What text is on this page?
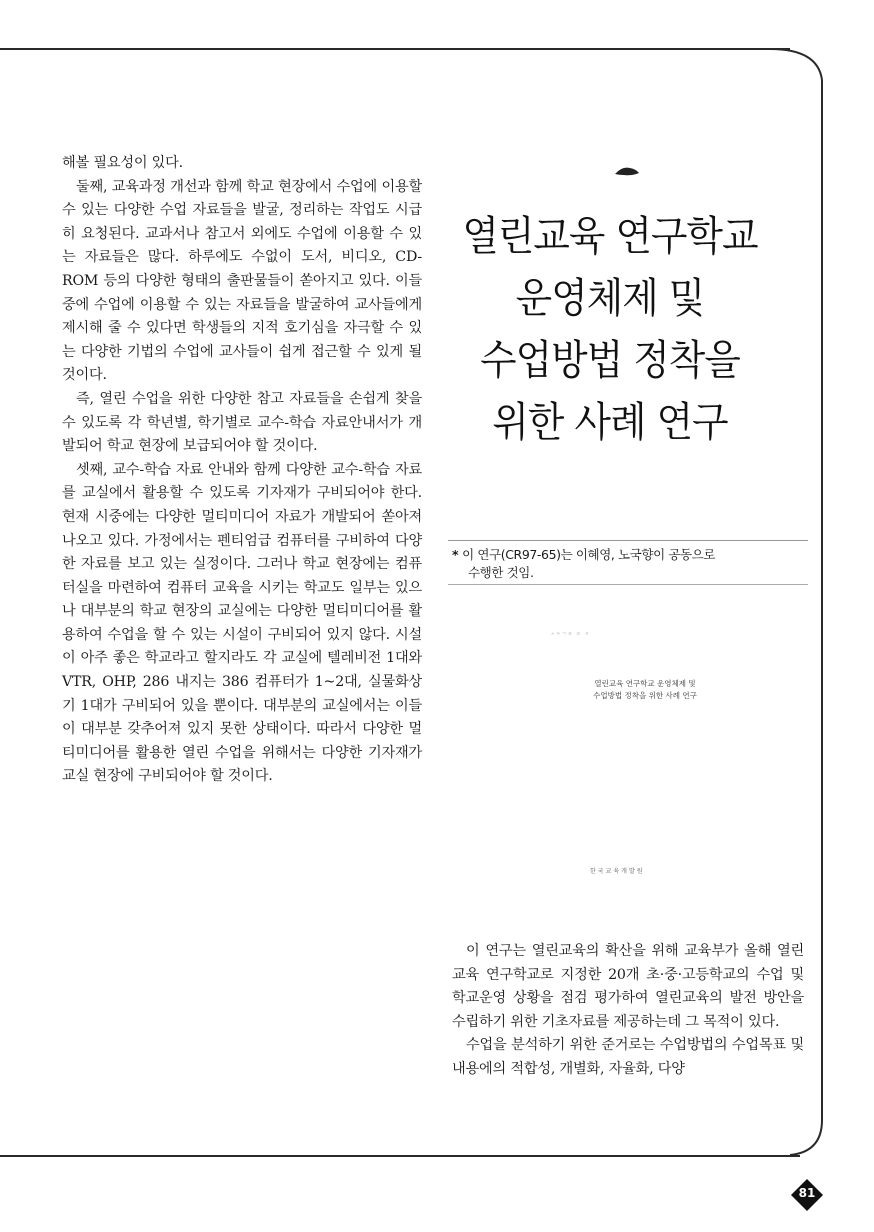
해볼 필요성이 있다.

둘째, 교육과정 개선과 함께 학교 현장에서 수업에 이용할 수 있는 다양한 수업 자료들을 발굴, 정리하는 작업도 시급히 요청된다. 교과서나 참고서 외에도 수업에 이용할 수 있는 자료들은 많다. 하루에도 수없이 도서, 비디오, CD-ROM 등의 다양한 형태의 출판물들이 쏟아지고 있다. 이들 중에 수업에 이용할 수 있는 자료들을 발굴하여 교사들에게 제시해 줄 수 있다면 학생들의 지적 호기심을 자극할 수 있는 다양한 기법의 수업에 교사들이 쉽게 접근할 수 있게 될 것이다.

즉, 열린 수업을 위한 다양한 참고 자료들을 손쉽게 찾을 수 있도록 각 학년별, 학기별로 교수-학습 자료안내서가 개발되어 학교 현장에 보급되어야 할 것이다.

셋째, 교수-학습 자료 안내와 함께 다양한 교수-학습 자료를 교실에서 활용할 수 있도록 기자재가 구비되어야 한다. 현재 시중에는 다양한 멀티미디어 자료가 개발되어 쏟아져 나오고 있다. 가정에서는 펜티엄급 컴퓨터를 구비하여 다양한 자료를 보고 있는 실정이다. 그러나 학교 현장에는 컴퓨터실을 마련하여 컴퓨터 교육을 시키는 학교도 일부는 있으나 대부분의 학교 현장의 교실에는 다양한 멀티미디어를 활용하여 수업을 할 수 있는 시설이 구비되어 있지 않다. 시설이 아주 좋은 학교라고 할지라도 각 교실에 텔레비전 1대와 VTR, OHP, 286 내지는 386 컴퓨터가 1~2대, 실물화상기 1대가 구비되어 있을 뿐이다. 대부분의 교실에서는 이들이 대부분 갖추어져 있지 못한 상태이다. 따라서 다양한 멀티미디어를 활용한 열린 수업을 위해서는 다양한 기자재가 교실 현장에 구비되어야 할 것이다.

열린교육 연구학교
운영체제 및
수업방법 정착을
위한 사례 연구
* 이 연구(CR97-65)는 이혜영, 노국향이 공동으로
수행한 것임.
ᄉᄋᄀᄌ ᄑ ᄋ
열린교육 연구학교 운영체제 및
수업방법 정착을 위한 사례 연구
한국교육개발원

이 연구는 열린교육의 확산을 위해 교육부가 올해 열린교육 연구학교로 지정한 20개 초·중·고등학교의 수업 및 학교운영 상황을 점검 평가하여 열린교육의 발전 방안을 수립하기 위한 기초자료를 제공하는데 그 목적이 있다.

수업을 분석하기 위한 준거로는 수업방법의 수업목표 및 내용에의 적합성, 개별화, 자율화, 다양

81
